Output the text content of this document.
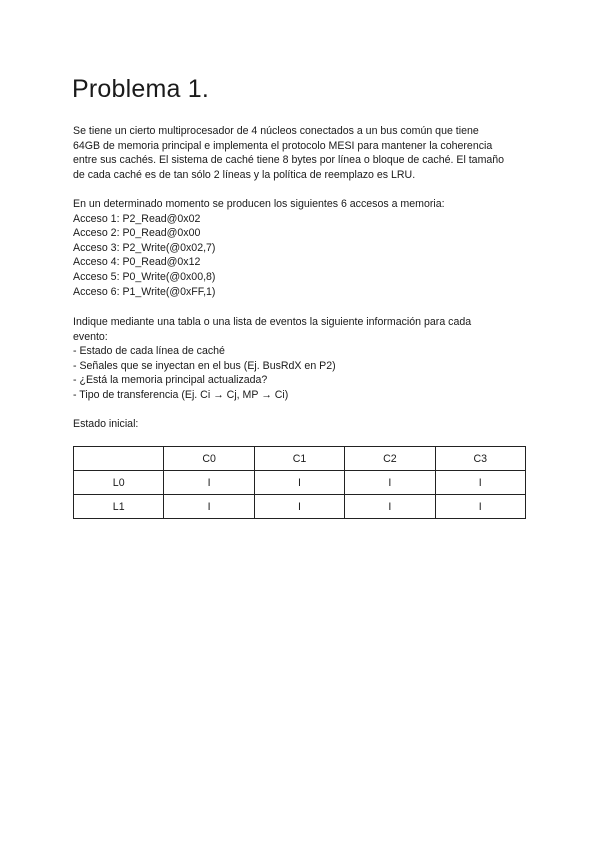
Problema 1.

Se tiene un cierto multiprocesador de 4 núcleos conectados a un bus común que tiene
64GB de memoria principal e implementa el protocolo MESI para mantener la coherencia
entre sus cachés. El sistema de caché tiene 8 bytes por línea o bloque de caché. El tamaño
de cada caché es de tan sólo 2 líneas y la política de reemplazo es LRU.

En un determinado momento se producen los siguientes 6 accesos a memoria:
Acceso 1: P2_Read@0x02
Acceso 2: P0_Read@0x00
Acceso 3: P2_Write(@0x02,7)
Acceso 4: P0_Read@0x12
Acceso 5: P0_Write(@0x00,8)
Acceso 6: P1_Write(@0xFF,1)

Indique mediante una tabla o una lista de eventos la siguiente información para cada
evento:
- Estado de cada línea de caché
- Señales que se inyectan en el bus (Ej. BusRdX en P2)
- ¿Está la memoria principal actualizada?
- Tipo de transferencia (Ej. Ci → Cj, MP → Ci)

Estado inicial:

	C0	C1	C2	C3
L0	I	I	I	I
L1	I	I	I	I
